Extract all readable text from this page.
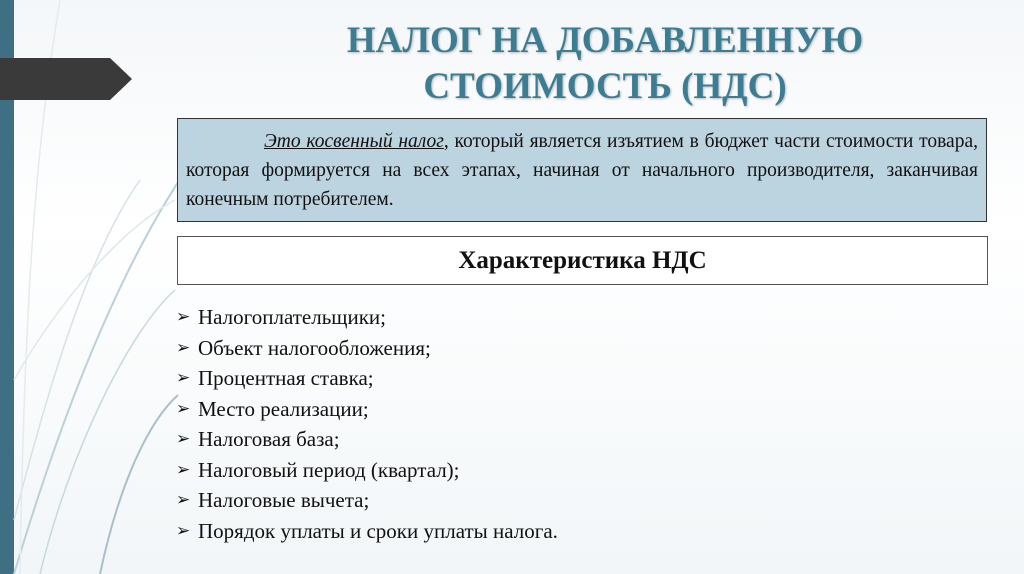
НАЛОГ НА ДОБАВЛЕННУЮ
СТОИМОСТЬ (НДС)
Это косвенный налог, который является изъятием в бюджет части стоимости товара, которая формируется на всех этапах, начиная от начального производителя, заканчивая конечным потребителем.
Характеристика НДС
➢ Налогоплательщики;
➢ Объект налогообложения;
➢ Процентная ставка;
➢ Место реализации;
➢ Налоговая база;
➢ Налоговый период (квартал);
➢ Налоговые вычета;
➢ Порядок уплаты и сроки уплаты налога.
